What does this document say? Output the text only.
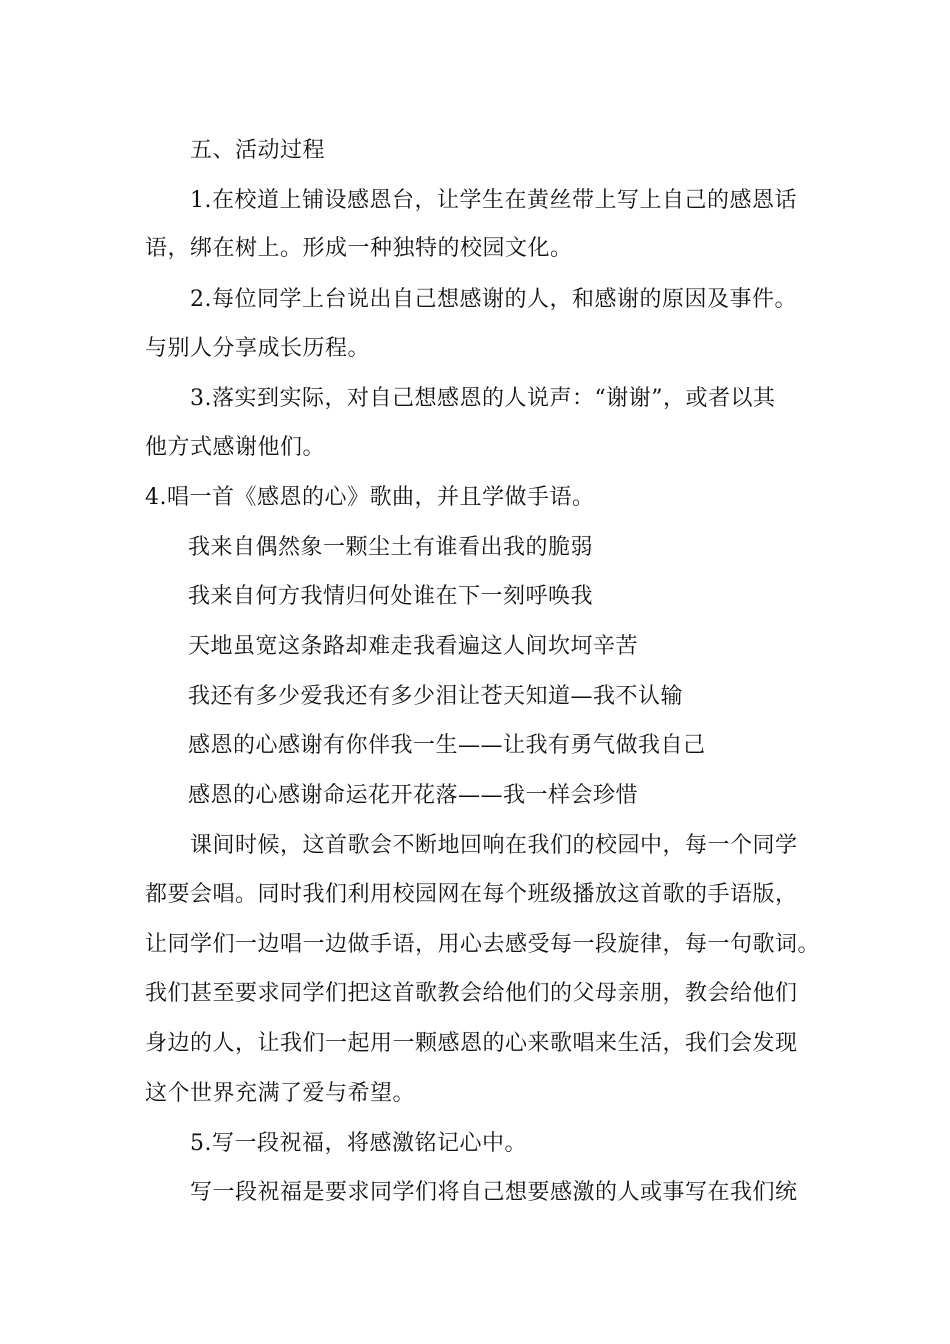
五、活动过程
1.在校道上铺设感恩台，让学生在黄丝带上写上自己的感恩话
语，绑在树上。形成一种独特的校园文化。
2.每位同学上台说出自己想感谢的人，和感谢的原因及事件。
与别人分享成长历程。
3.落实到实际，对自己想感恩的人说声：“谢谢”，或者以其
他方式感谢他们。
4.唱一首《感恩的心》歌曲，并且学做手语。
我来自偶然象一颗尘土有谁看出我的脆弱
我来自何方我情归何处谁在下一刻呼唤我
天地虽宽这条路却难走我看遍这人间坎坷辛苦
我还有多少爱我还有多少泪让苍天知道—我不认输
感恩的心感谢有你伴我一生——让我有勇气做我自己
感恩的心感谢命运花开花落——我一样会珍惜
课间时候，这首歌会不断地回响在我们的校园中，每一个同学
都要会唱。同时我们利用校园网在每个班级播放这首歌的手语版，
让同学们一边唱一边做手语，用心去感受每一段旋律，每一句歌词。
我们甚至要求同学们把这首歌教会给他们的父母亲朋，教会给他们
身边的人，让我们一起用一颗感恩的心来歌唱来生活，我们会发现
这个世界充满了爱与希望。
5.写一段祝福，将感激铭记心中。
写一段祝福是要求同学们将自己想要感激的人或事写在我们统
